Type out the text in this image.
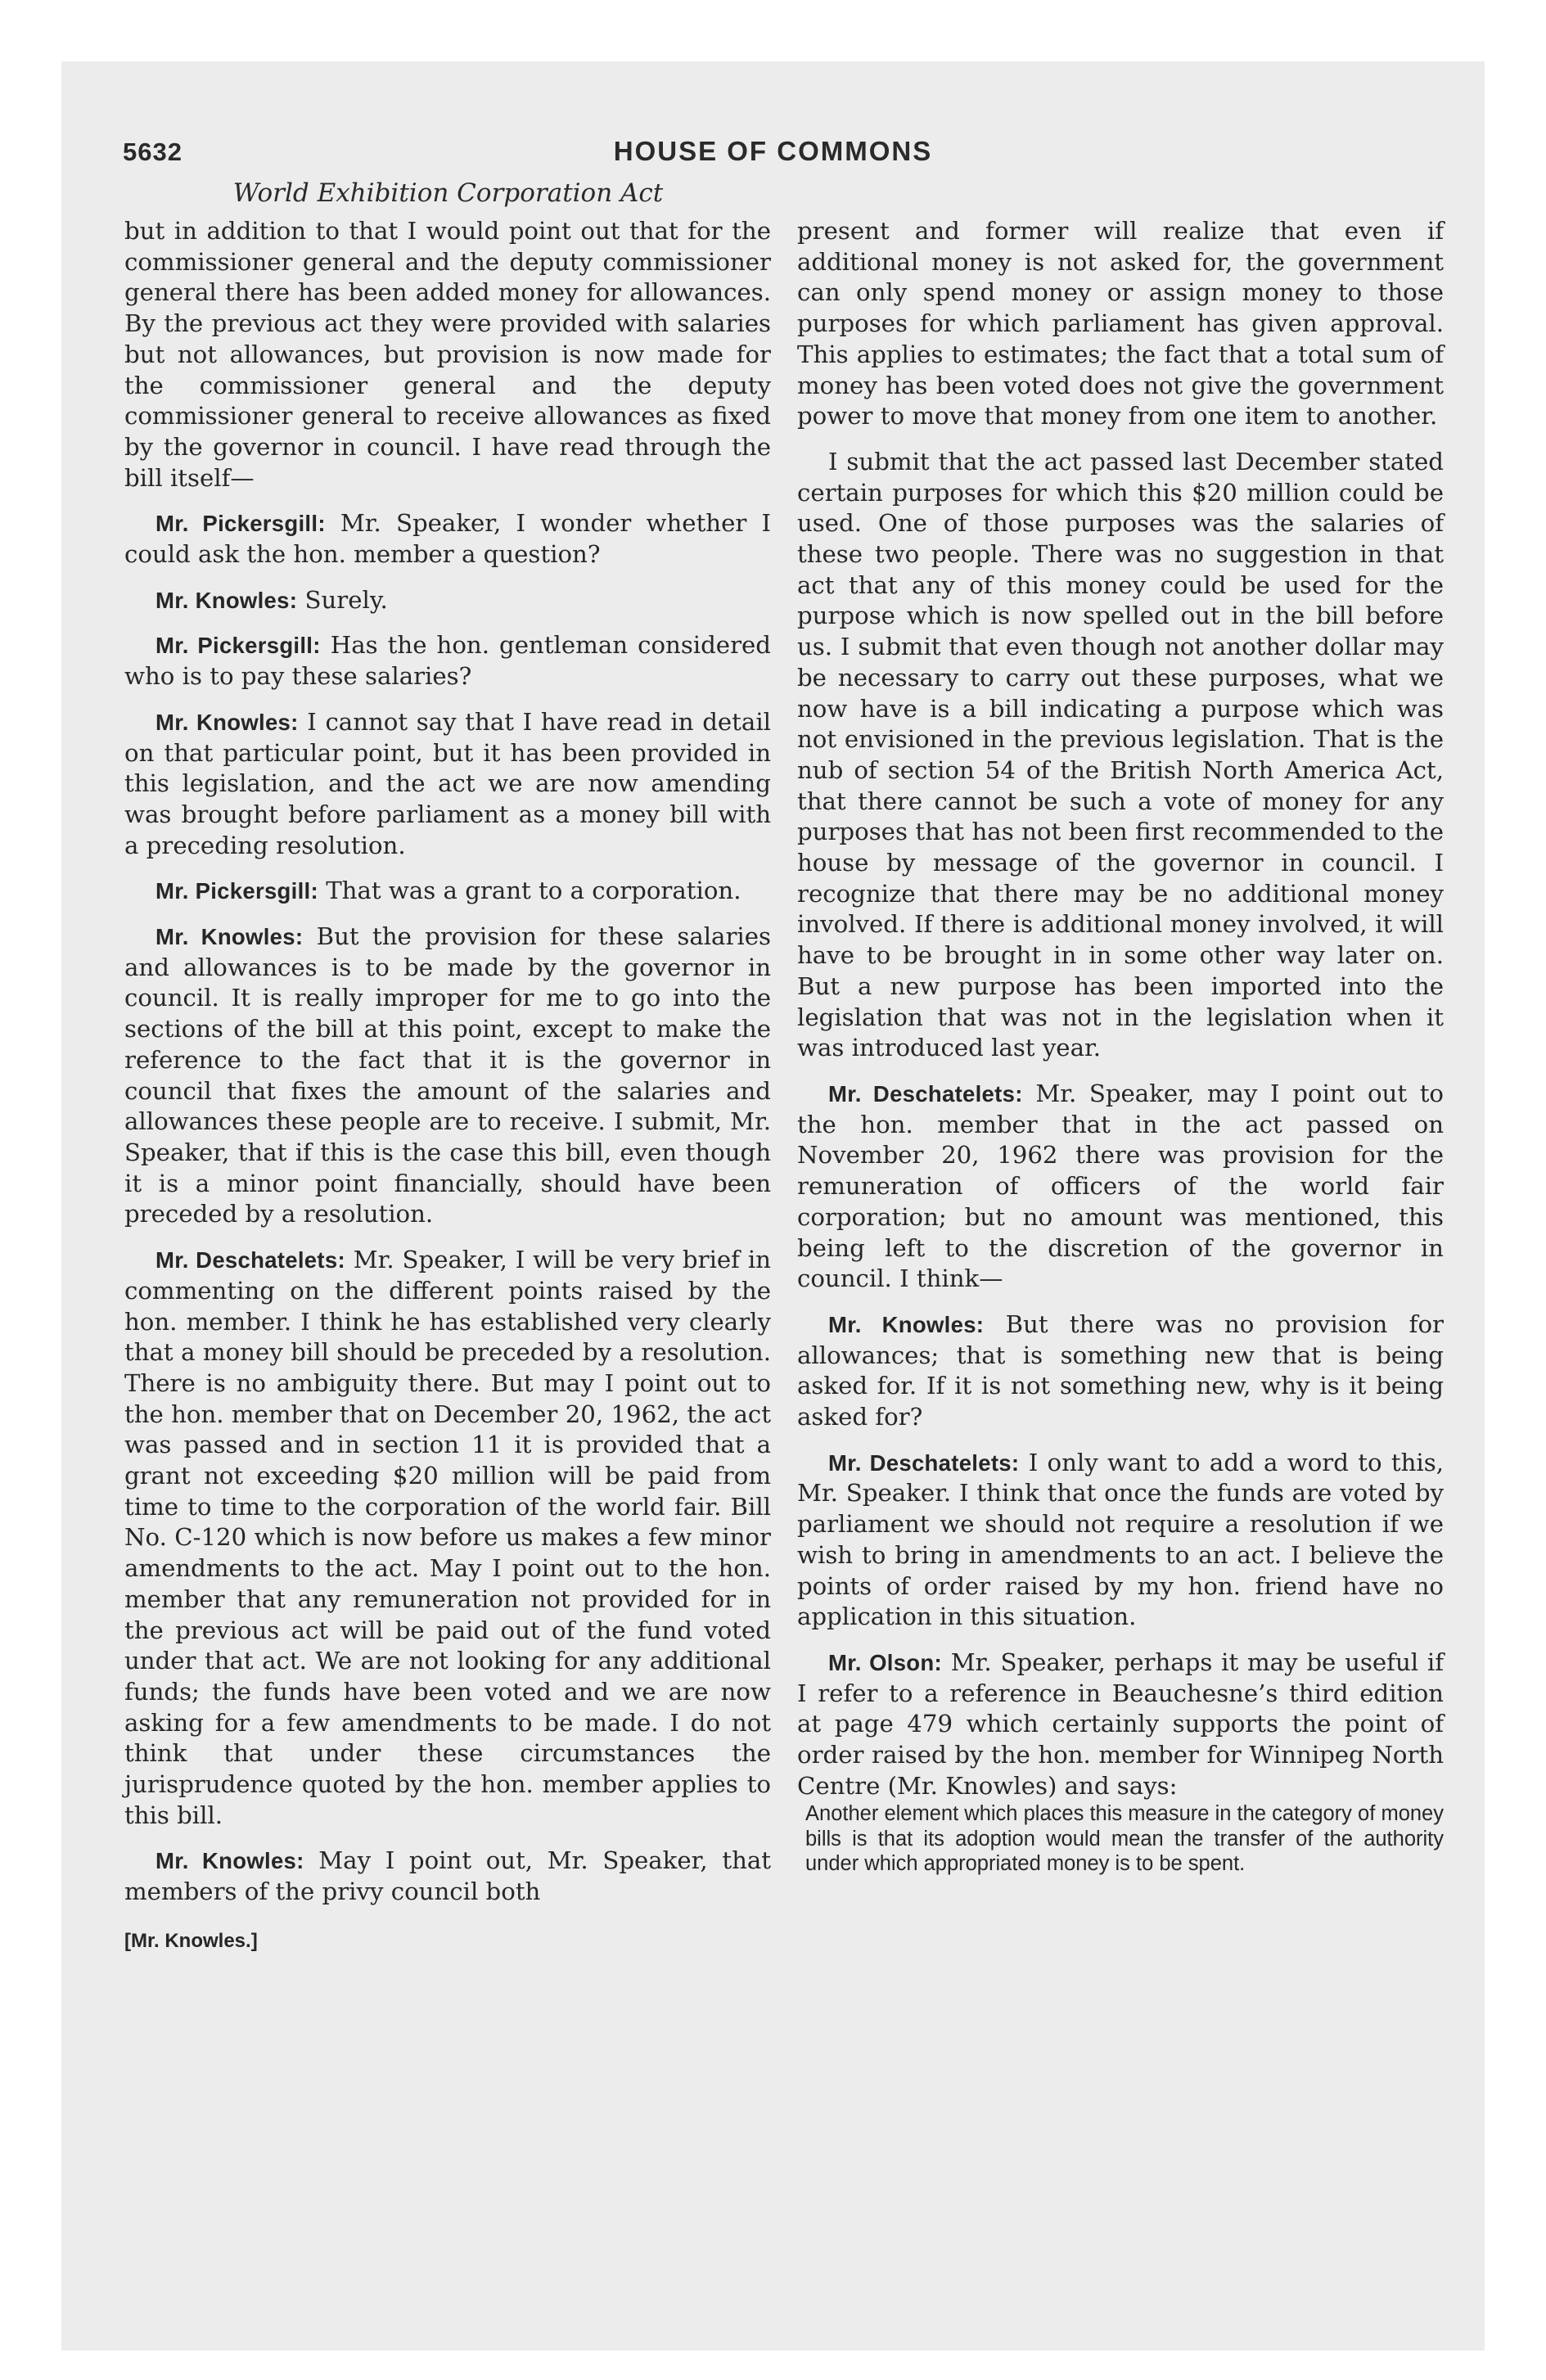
5632	HOUSE OF COMMONS
World Exhibition Corporation Act

but in addition to that I would point out that for the commissioner general and the deputy commissioner general there has been added money for allowances. By the previous act they were provided with salaries but not allowances, but provision is now made for the commissioner general and the deputy commissioner general to receive allowances as fixed by the governor in council. I have read through the bill itself—

Mr. Pickersgill: Mr. Speaker, I wonder whether I could ask the hon. member a question?

Mr. Knowles: Surely.

Mr. Pickersgill: Has the hon. gentleman considered who is to pay these salaries?

Mr. Knowles: I cannot say that I have read in detail on that particular point, but it has been provided in this legislation, and the act we are now amending was brought before parliament as a money bill with a preceding resolution.

Mr. Pickersgill: That was a grant to a corporation.

Mr. Knowles: But the provision for these salaries and allowances is to be made by the governor in council. It is really improper for me to go into the sections of the bill at this point, except to make the reference to the fact that it is the governor in council that fixes the amount of the salaries and allowances these people are to receive. I submit, Mr. Speaker, that if this is the case this bill, even though it is a minor point financially, should have been preceded by a resolution.

Mr. Deschatelets: Mr. Speaker, I will be very brief in commenting on the different points raised by the hon. member. I think he has established very clearly that a money bill should be preceded by a resolution. There is no ambiguity there. But may I point out to the hon. member that on December 20, 1962, the act was passed and in section 11 it is provided that a grant not exceeding $20 million will be paid from time to time to the corporation of the world fair. Bill No. C-120 which is now before us makes a few minor amendments to the act. May I point out to the hon. member that any remuneration not provided for in the previous act will be paid out of the fund voted under that act. We are not looking for any additional funds; the funds have been voted and we are now asking for a few amendments to be made. I do not think that under these circumstances the jurisprudence quoted by the hon. member applies to this bill.

Mr. Knowles: May I point out, Mr. Speaker, that members of the privy council both

[Mr. Knowles.]

present and former will realize that even if additional money is not asked for, the government can only spend money or assign money to those purposes for which parliament has given approval. This applies to estimates; the fact that a total sum of money has been voted does not give the government power to move that money from one item to another.

I submit that the act passed last December stated certain purposes for which this $20 million could be used. One of those purposes was the salaries of these two people. There was no suggestion in that act that any of this money could be used for the purpose which is now spelled out in the bill before us. I submit that even though not another dollar may be necessary to carry out these purposes, what we now have is a bill indicating a purpose which was not envisioned in the previous legislation. That is the nub of section 54 of the British North America Act, that there cannot be such a vote of money for any purposes that has not been first recommended to the house by message of the governor in council. I recognize that there may be no additional money involved. If there is additional money involved, it will have to be brought in in some other way later on. But a new purpose has been imported into the legislation that was not in the legislation when it was introduced last year.

Mr. Deschatelets: Mr. Speaker, may I point out to the hon. member that in the act passed on November 20, 1962 there was provision for the remuneration of officers of the world fair corporation; but no amount was mentioned, this being left to the discretion of the governor in council. I think—

Mr. Knowles: But there was no provision for allowances; that is something new that is being asked for. If it is not something new, why is it being asked for?

Mr. Deschatelets: I only want to add a word to this, Mr. Speaker. I think that once the funds are voted by parliament we should not require a resolution if we wish to bring in amendments to an act. I believe the points of order raised by my hon. friend have no application in this situation.

Mr. Olson: Mr. Speaker, perhaps it may be useful if I refer to a reference in Beauchesne’s third edition at page 479 which certainly supports the point of order raised by the hon. member for Winnipeg North Centre (Mr. Knowles) and says:

Another element which places this measure in the category of money bills is that its adoption would mean the transfer of the authority under which appropriated money is to be spent.
